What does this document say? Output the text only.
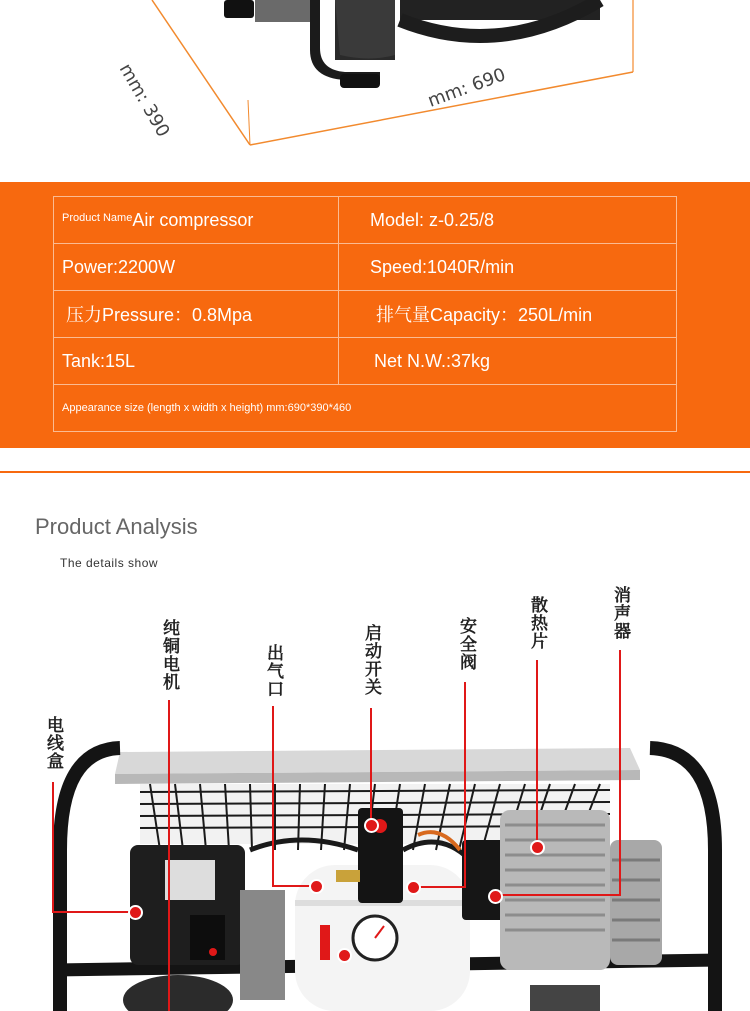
mm: 390	mm: 690
Product Name Air compressor	Model: z-0.25/8
Power:2200W	Speed:1040R/min
压力Pressure：0.8Mpa	排气量Capacity：250L/min
Tank:15L	Net N.W.:37kg
Appearance size (length x width x height) mm:690*390*460
Product Analysis
The details show
电线盒
纯铜电机	出气口	启动开关	安全阀	散热片	消声器
